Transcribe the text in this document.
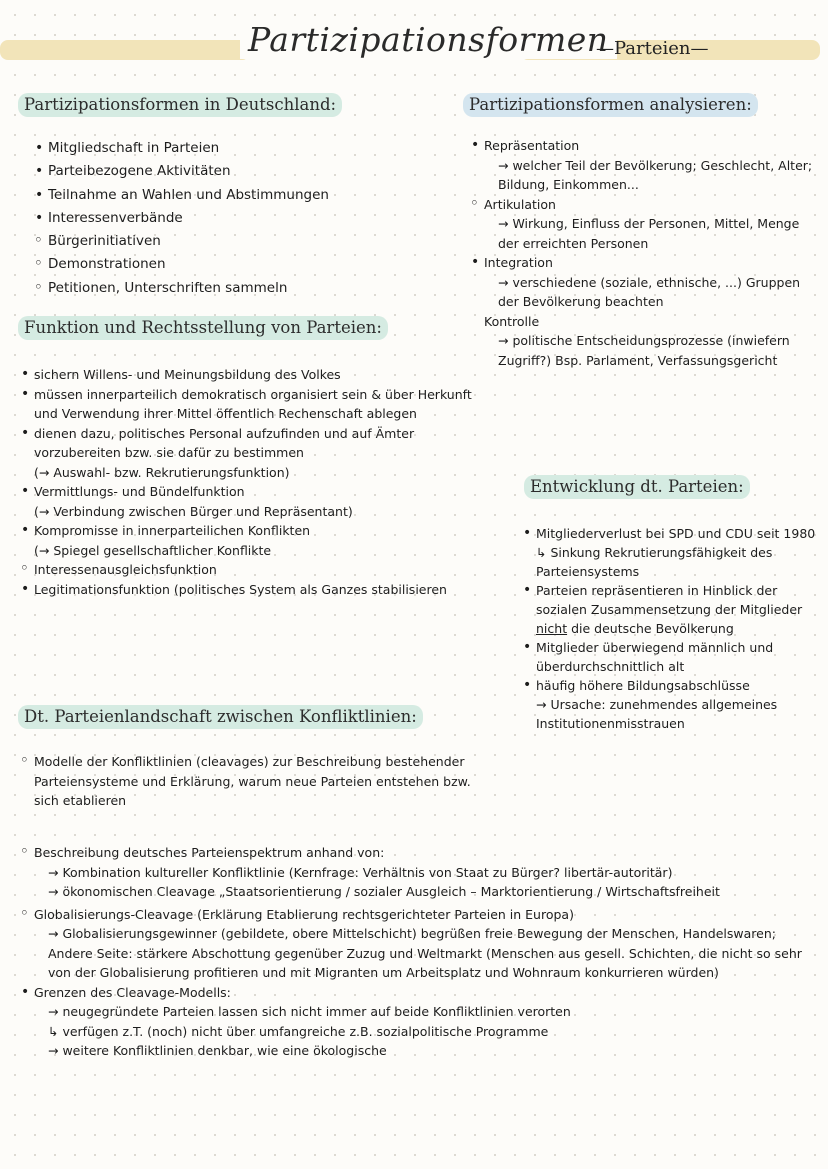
Partizipationsformen
—Parteien—
Partizipationsformen in Deutschland:
• Mitgliedschaft in Parteien
• Parteibezogene Aktivitäten
• Teilnahme an Wahlen und Abstimmungen
• Interessenverbände
◦ Bürgerinitiativen
◦ Demonstrationen
◦ Petitionen, Unterschriften sammeln
Funktion und Rechtsstellung von Parteien:
• sichern Willens- und Meinungsbildung des Volkes
• müssen innerparteilich demokratisch organisiert sein & über Herkunft und Verwendung ihrer Mittel öffentlich Rechenschaft ablegen
• dienen dazu, politisches Personal aufzufinden und auf Ämter vorzubereiten bzw. sie dafür zu bestimmen
(→ Auswahl- bzw. Rekrutierungsfunktion)
• Vermittlungs- und Bündelfunktion
(→ Verbindung zwischen Bürger und Repräsentant)
• Kompromisse in innerparteilichen Konflikten
(→ Spiegel gesellschaftlicher Konflikte
◦ Interessenausgleichsfunktion
• Legitimationsfunktion (politisches System als Ganzes stabilisieren
Partizipationsformen analysieren:
• Repräsentation
→ welcher Teil der Bevölkerung; Geschlecht, Alter; Bildung, Einkommen...
◦ Artikulation
→ Wirkung, Einfluss der Personen, Mittel, Menge der erreichten Personen
• Integration
→ verschiedene (soziale, ethnische, ...) Gruppen der Bevölkerung beachten
Kontrolle
→ politische Entscheidungsprozesse (inwiefern Zugriff?) Bsp. Parlament, Verfassungsgericht
Entwicklung dt. Parteien:
• Mitgliederverlust bei SPD und CDU seit 1980
↳ Sinkung Rekrutierungsfähigkeit des Parteiensystems
• Parteien repräsentieren in Hinblick der sozialen Zusammensetzung der Mitglieder nicht die deutsche Bevölkerung
• Mitglieder überwiegend männlich und überdurchschnittlich alt
• häufig höhere Bildungsabschlüsse
→ Ursache: zunehmendes allgemeines Institutionenmisstrauen
Dt. Parteienlandschaft zwischen Konfliktlinien:
◦ Modelle der Konfliktlinien (cleavages) zur Beschreibung bestehender Parteiensysteme und Erklärung, warum neue Parteien entstehen bzw. sich etablieren
◦ Beschreibung deutsches Parteienspektrum anhand von:
→ Kombination kultureller Konfliktlinie (Kernfrage: Verhältnis von Staat zu Bürger? libertär-autoritär)
→ ökonomischen Cleavage „Staatsorientierung / sozialer Ausgleich – Marktorientierung / Wirtschaftsfreiheit
◦ Globalisierungs-Cleavage (Erklärung Etablierung rechtsgerichteter Parteien in Europa)
→ Globalisierungsgewinner (gebildete, obere Mittelschicht) begrüßen freie Bewegung der Menschen, Handelswaren; Andere Seite: stärkere Abschottung gegenüber Zuzug und Weltmarkt (Menschen aus gesell. Schichten, die nicht so sehr von der Globalisierung profitieren und mit Migranten um Arbeitsplatz und Wohnraum konkurrieren würden)
• Grenzen des Cleavage-Modells:
→ neugegründete Parteien lassen sich nicht immer auf beide Konfliktlinien verorten
↳ verfügen z.T. (noch) nicht über umfangreiche z.B. sozialpolitische Programme
→ weitere Konfliktlinien denkbar, wie eine ökologische
